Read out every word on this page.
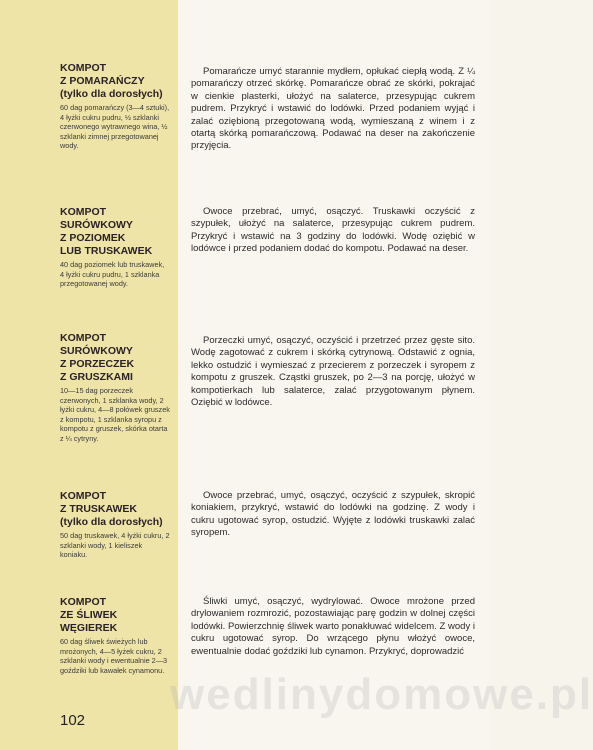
KOMPOT
Z POMARAŃCZY
(tylko dla dorosłych)

60 dag pomarańczy (3—4 sztuki), 4 łyżki cukru pudru, ½ szklanki czerwonego wytrawnego wina, ½ szklanki zimnej przegotowanej wody.

Pomarańcze umyć starannie mydłem, opłukać ciepłą wodą. Z ¼ pomarańczy otrzeć skórkę. Pomarańcze obrać ze skórki, pokrajać w cienkie plasterki, ułożyć na salaterce, przesypując cukrem pudrem. Przykryć i wstawić do lodówki. Przed podaniem wyjąć i zalać oziębioną przegotowaną wodą, wymieszaną z winem i z otartą skórką pomarańczową. Podawać na deser na zakończenie przyjęcia.

KOMPOT
SURÓWKOWY
Z POZIOMEK
LUB TRUSKAWEK

40 dag poziomek lub truskawek, 4 łyżki cukru pudru, 1 szklanka przegotowanej wody.

Owoce przebrać, umyć, osączyć. Truskawki oczyścić z szypułek, ułożyć na salaterce, przesypując cukrem pudrem. Przykryć i wstawić na 3 godziny do lodówki. Wodę oziębić w lodówce i przed podaniem dodać do kompotu. Podawać na deser.

KOMPOT
SURÓWKOWY
Z PORZECZEK
Z GRUSZKAMI

10—15 dag porzeczek czerwonych, 1 szklanka wody, 2 łyżki cukru, 4—8 połówek gruszek z kompotu, 1 szklanka syropu z kompotu z gruszek, skórka otarta z ¼ cytryny.

Porzeczki umyć, osączyć, oczyścić i przetrzeć przez gęste sito. Wodę zagotować z cukrem i skórką cytrynową. Odstawić z ognia, lekko ostudzić i wymieszać z przecierem z porzeczek i syropem z kompotu z gruszek. Cząstki gruszek, po 2—3 na porcję, ułożyć w kompotierkach lub salaterce, zalać przygotowanym płynem. Oziębić w lodówce.

KOMPOT
Z TRUSKAWEK
(tylko dla dorosłych)

50 dag truskawek, 4 łyżki cukru, 2 szklanki wody, 1 kieliszek koniaku.

Owoce przebrać, umyć, osączyć, oczyścić z szypułek, skropić koniakiem, przykryć, wstawić do lodówki na godzinę. Z wody i cukru ugotować syrop, ostudzić. Wyjęte z lodówki truskawki zalać syropem.

KOMPOT
ZE ŚLIWEK
WĘGIEREK

60 dag śliwek świeżych lub mrożonych, 4—5 łyżek cukru, 2 szklanki wody i ewentualnie 2—3 goździki lub kawałek cynamonu.

Śliwki umyć, osączyć, wydrylować. Owoce mrożone przed drylowaniem rozmrozić, pozostawiając parę godzin w dolnej części lodówki. Powierzchnię śliwek warto ponakłuwać widelcem. Z wody i cukru ugotować syrop. Do wrzącego płynu włożyć owoce, ewentualnie dodać goździki lub cynamon. Przykryć, doprowadzić

wedlinydomowe.pl
102
